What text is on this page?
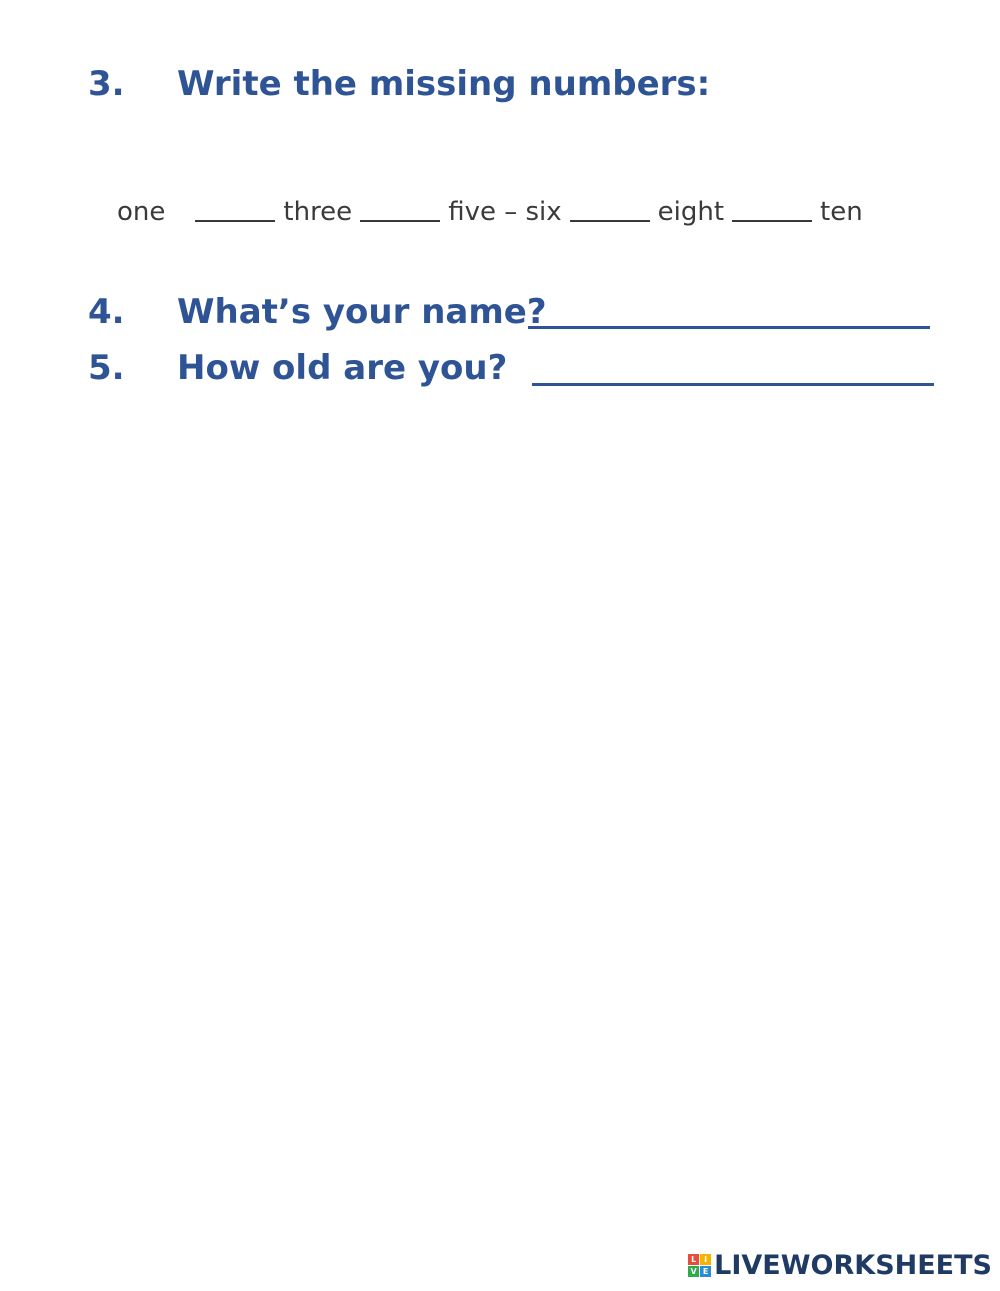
3. Write the missing numbers:
one	three	five – six	eight	ten
4. What’s your name?
5. How old are you?
L I
V E LIVEWORKSHEETS
